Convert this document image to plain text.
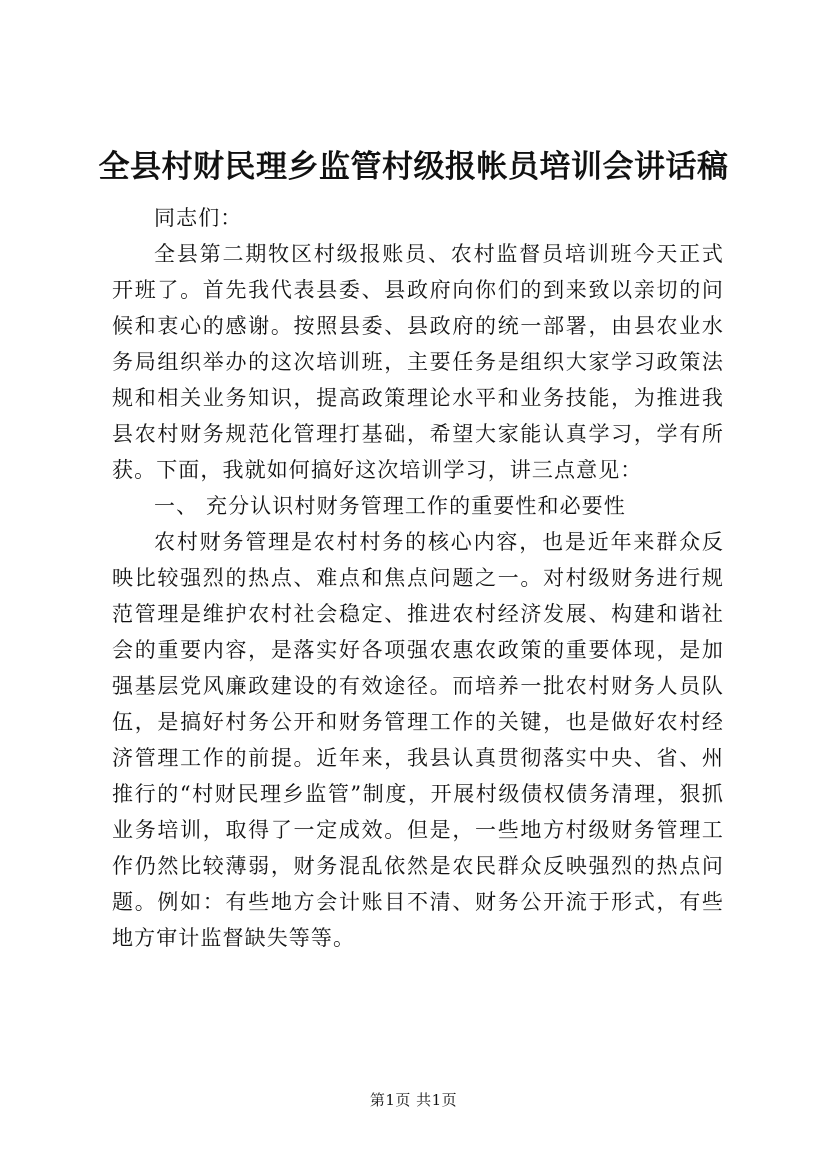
全县村财民理乡监管村级报帐员培训会讲话稿

同志们：

全县第二期牧区村级报账员、农村监督员培训班今天正式开班了。首先我代表县委、县政府向你们的到来致以亲切的问候和衷心的感谢。按照县委、县政府的统一部署，由县农业水务局组织举办的这次培训班，主要任务是组织大家学习政策法规和相关业务知识，提高政策理论水平和业务技能，为推进我县农村财务规范化管理打基础，希望大家能认真学习，学有所获。下面，我就如何搞好这次培训学习，讲三点意见：

一、 充分认识村财务管理工作的重要性和必要性

农村财务管理是农村村务的核心内容，也是近年来群众反映比较强烈的热点、难点和焦点问题之一。对村级财务进行规范管理是维护农村社会稳定、推进农村经济发展、构建和谐社会的重要内容，是落实好各项强农惠农政策的重要体现，是加强基层党风廉政建设的有效途径。而培养一批农村财务人员队伍，是搞好村务公开和财务管理工作的关键，也是做好农村经济管理工作的前提。近年来，我县认真贯彻落实中央、省、州推行的“村财民理乡监管”制度，开展村级债权债务清理，狠抓业务培训，取得了一定成效。但是，一些地方村级财务管理工作仍然比较薄弱，财务混乱依然是农民群众反映强烈的热点问题。例如：有些地方会计账目不清、财务公开流于形式，有些地方审计监督缺失等等。

第1页 共1页
